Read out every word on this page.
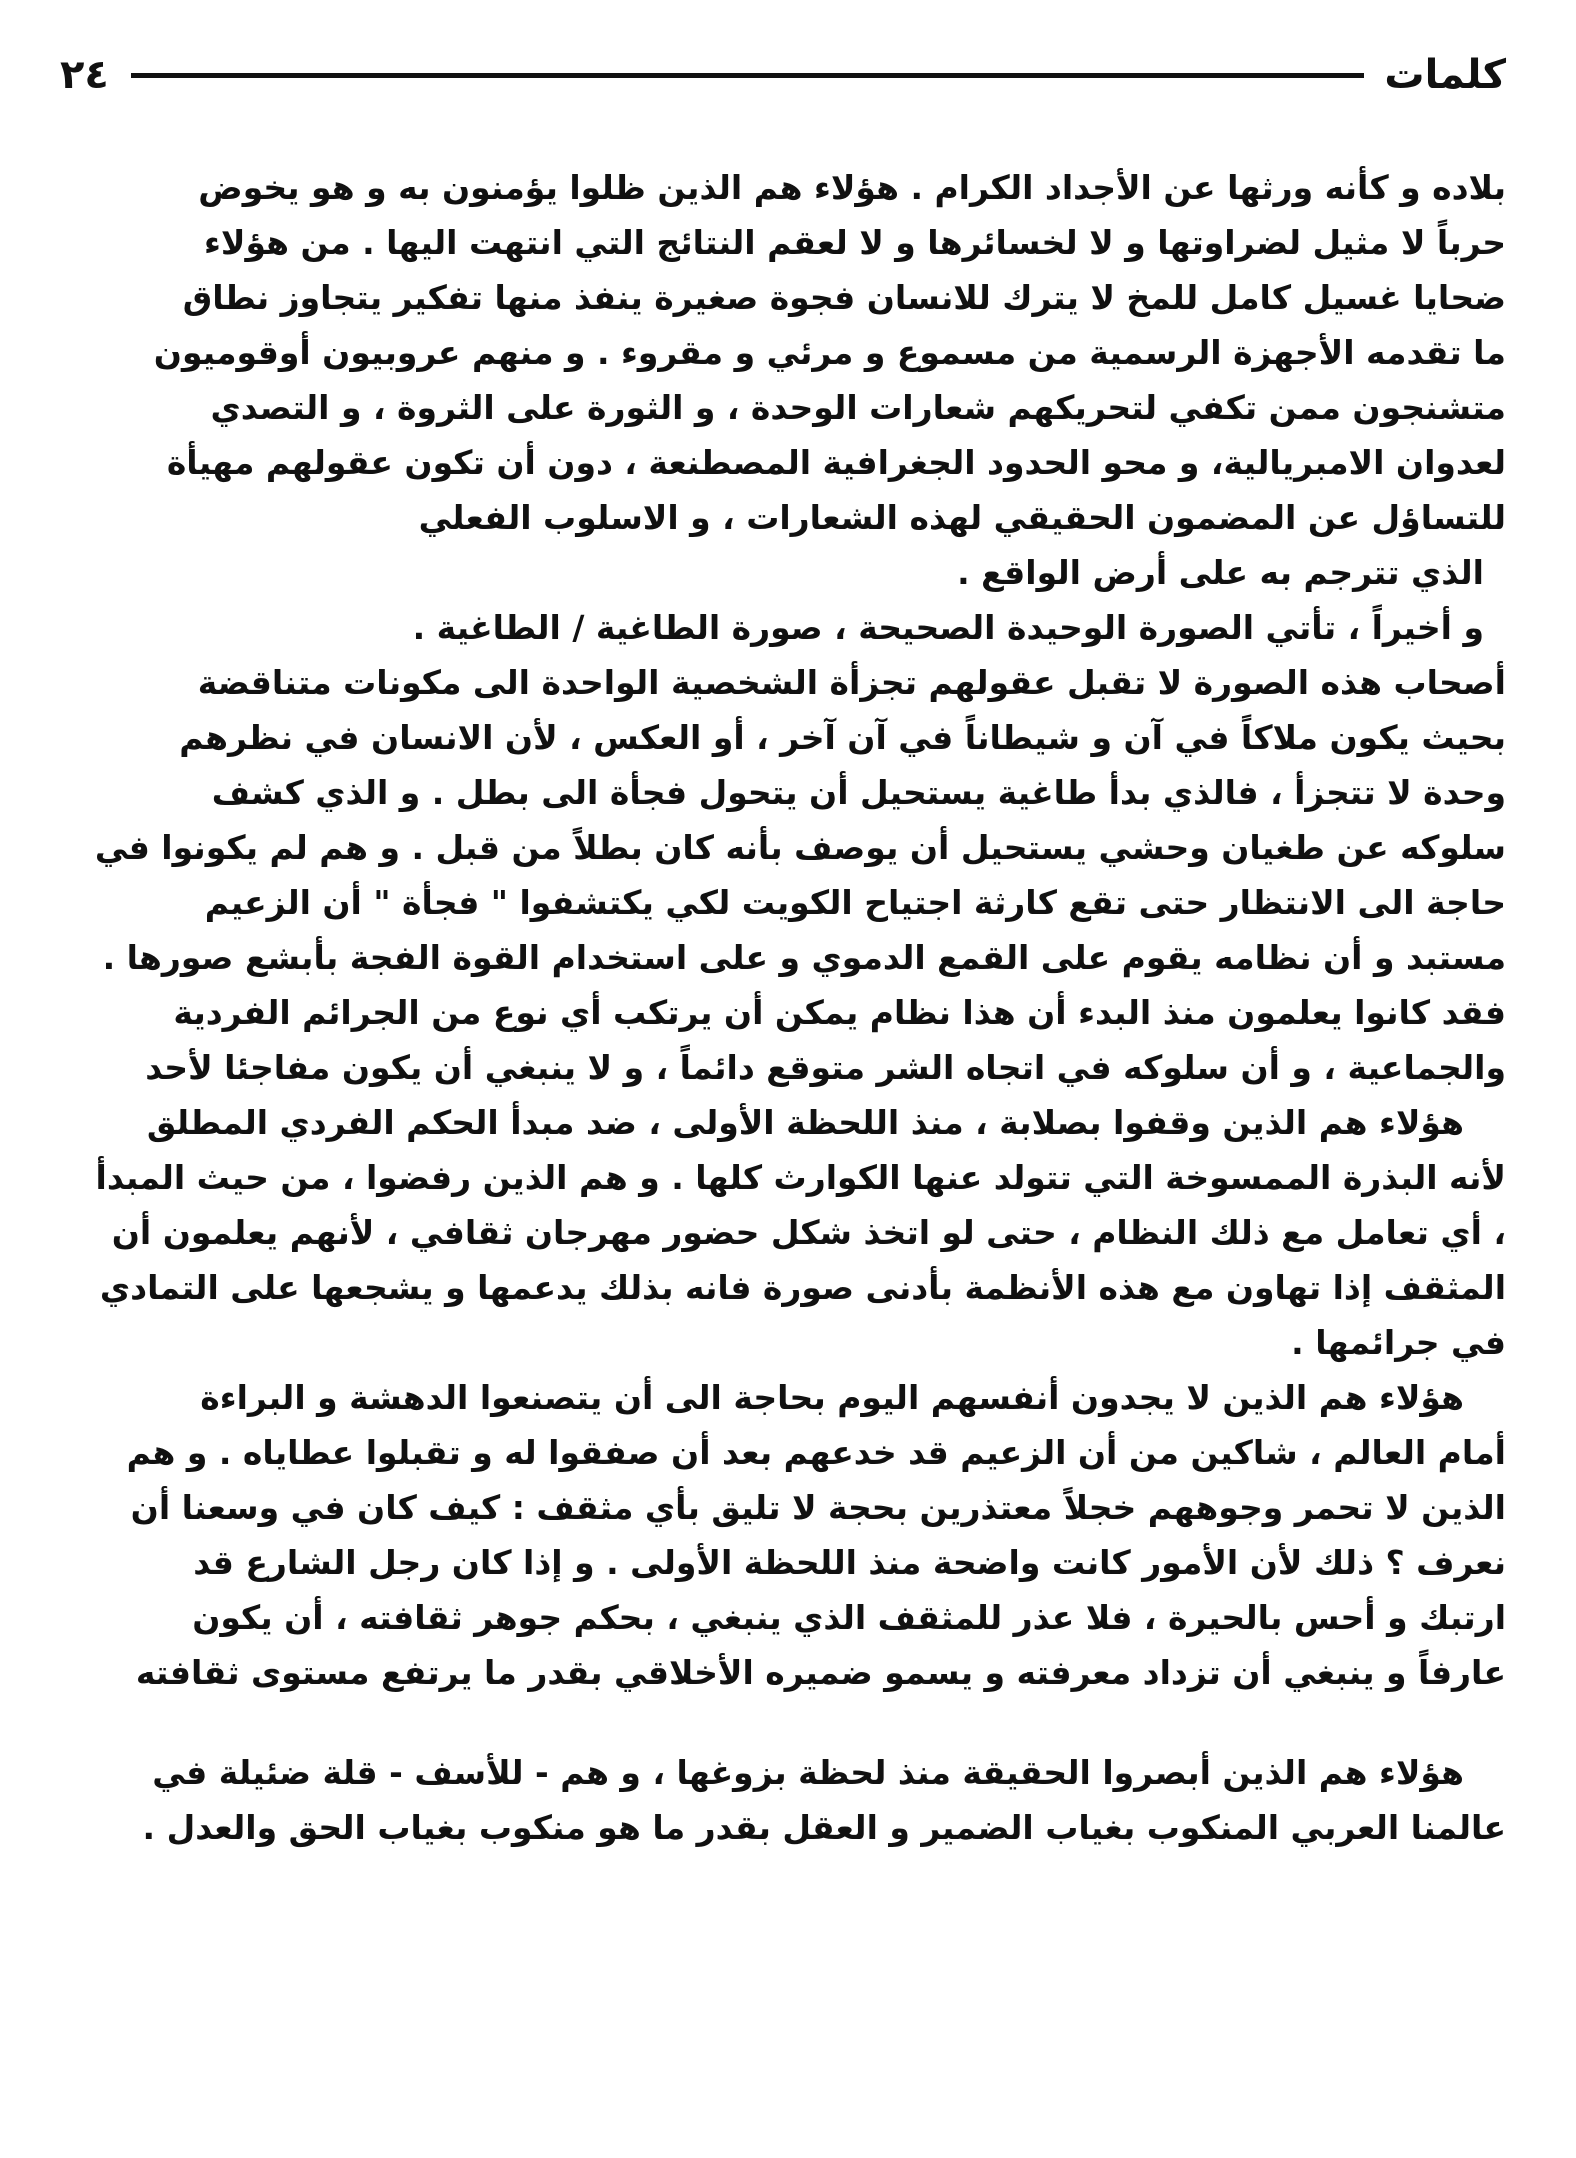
كلمات
٢٤
بلاده و كأنه ورثها عن الأجداد الكرام . هؤلاء هم الذين ظلوا يؤمنون به و هو يخوض
حرباً لا مثيل لضراوتها و لا لخسائرها و لا لعقم النتائج التي انتهت اليها . من هؤلاء
ضحايا غسيل كامل للمخ لا يترك للانسان فجوة صغيرة ينفذ منها تفكير يتجاوز نطاق
ما تقدمه الأجهزة الرسمية من مسموع و مرئي و مقروء . و منهم عروبيون أوقوميون
متشنجون ممن تكفي لتحريكهم شعارات الوحدة ، و الثورة على الثروة ، و التصدي
لعدوان الامبريالية، و محو الحدود الجغرافية المصطنعة ، دون أن تكون عقولهم مهيأة
للتساؤل عن المضمون الحقيقي لهذه الشعارات ، و الاسلوب الفعلي
الذي تترجم به على أرض الواقع .
و أخيراً ، تأتي الصورة الوحيدة الصحيحة ، صورة الطاغية / الطاغية .
أصحاب هذه الصورة لا تقبل عقولهم تجزأة الشخصية الواحدة الى مكونات متناقضة
بحيث يكون ملاكاً في آن و شيطاناً في آن آخر ، أو العكس ، لأن الانسان في نظرهم
وحدة لا تتجزأ ، فالذي بدأ طاغية يستحيل أن يتحول فجأة الى بطل . و الذي كشف
سلوكه عن طغيان وحشي يستحيل أن يوصف بأنه كان بطلاً من قبل . و هم لم يكونوا في
حاجة الى الانتظار حتى تقع كارثة اجتياح الكويت لكي يكتشفوا " فجأة " أن الزعيم
مستبد و أن نظامه يقوم على القمع الدموي و على استخدام القوة الفجة بأبشع صورها .
فقد كانوا يعلمون منذ البدء أن هذا نظام يمكن أن يرتكب أي نوع من الجرائم الفردية
والجماعية ، و أن سلوكه في اتجاه الشر متوقع دائماً ، و لا ينبغي أن يكون مفاجئا لأحد
هؤلاء هم الذين وقفوا بصلابة ، منذ اللحظة الأولى ، ضد مبدأ الحكم الفردي المطلق
لأنه البذرة الممسوخة التي تتولد عنها الكوارث كلها . و هم الذين رفضوا ، من حيث المبدأ
، أي تعامل مع ذلك النظام ، حتى لو اتخذ شكل حضور مهرجان ثقافي ، لأنهم يعلمون أن
المثقف إذا تهاون مع هذه الأنظمة بأدنى صورة فانه بذلك يدعمها و يشجعها على التمادي
في جرائمها .
هؤلاء هم الذين لا يجدون أنفسهم اليوم بحاجة الى أن يتصنعوا الدهشة و البراءة
أمام العالم ، شاكين من أن الزعيم قد خدعهم بعد أن صفقوا له و تقبلوا عطاياه . و هم
الذين لا تحمر وجوههم خجلاً معتذرين بحجة لا تليق بأي مثقف : كيف كان في وسعنا أن
نعرف ؟ ذلك لأن الأمور كانت واضحة منذ اللحظة الأولى . و إذا كان رجل الشارع قد
ارتبك و أحس بالحيرة ، فلا عذر للمثقف الذي ينبغي ، بحكم جوهر ثقافته ، أن يكون
عارفاً و ينبغي أن تزداد معرفته و يسمو ضميره الأخلاقي بقدر ما يرتفع مستوى ثقافته
هؤلاء هم الذين أبصروا الحقيقة منذ لحظة بزوغها ، و هم - للأسف - قلة ضئيلة في
عالمنا العربي المنكوب بغياب الضمير و العقل بقدر ما هو منكوب بغياب الحق والعدل .
